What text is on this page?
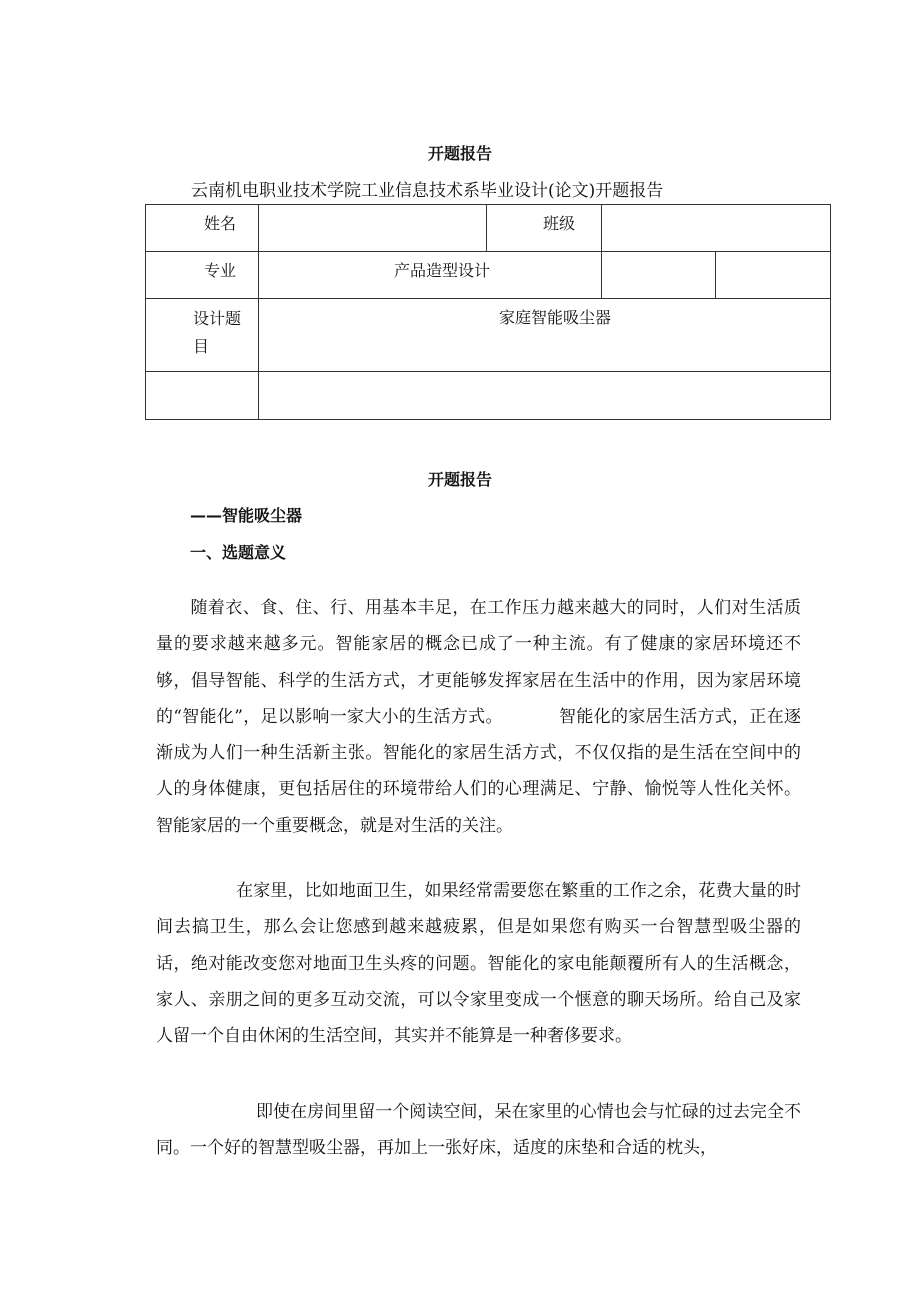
开题报告
云南机电职业技术学院工业信息技术系毕业设计(论文)开题报告
姓名		班级		

专业	产品造型设计			

设计题目	家庭智能吸尘器			

开题报告
——智能吸尘器
一、选题意义

随着衣、食、住、行、用基本丰足，在工作压力越来越大的同时，人们对生活质量的要求越来越多元。智能家居的概念已成了一种主流。有了健康的家居环境还不够，倡导智能、科学的生活方式，才更能够发挥家居在生活中的作用，因为家居环境的“智能化”，足以影响一家大小的生活方式。	智能化的家居生活方式，正在逐渐成为人们一种生活新主张。智能化的家居生活方式，不仅仅指的是生活在空间中的人的身体健康，更包括居住的环境带给人们的心理满足、宁静、愉悦等人性化关怀。智能家居的一个重要概念，就是对生活的关注。

在家里，比如地面卫生，如果经常需要您在繁重的工作之余，花费大量的时间去搞卫生，那么会让您感到越来越疲累，但是如果您有购买一台智慧型吸尘器的话，绝对能改变您对地面卫生头疼的问题。智能化的家电能颠覆所有人的生活概念，家人、亲朋之间的更多互动交流，可以令家里变成一个惬意的聊天场所。给自己及家人留一个自由休闲的生活空间，其实并不能算是一种奢侈要求。

即使在房间里留一个阅读空间，呆在家里的心情也会与忙碌的过去完全不同。一个好的智慧型吸尘器，再加上一张好床，适度的床垫和合适的枕头，
